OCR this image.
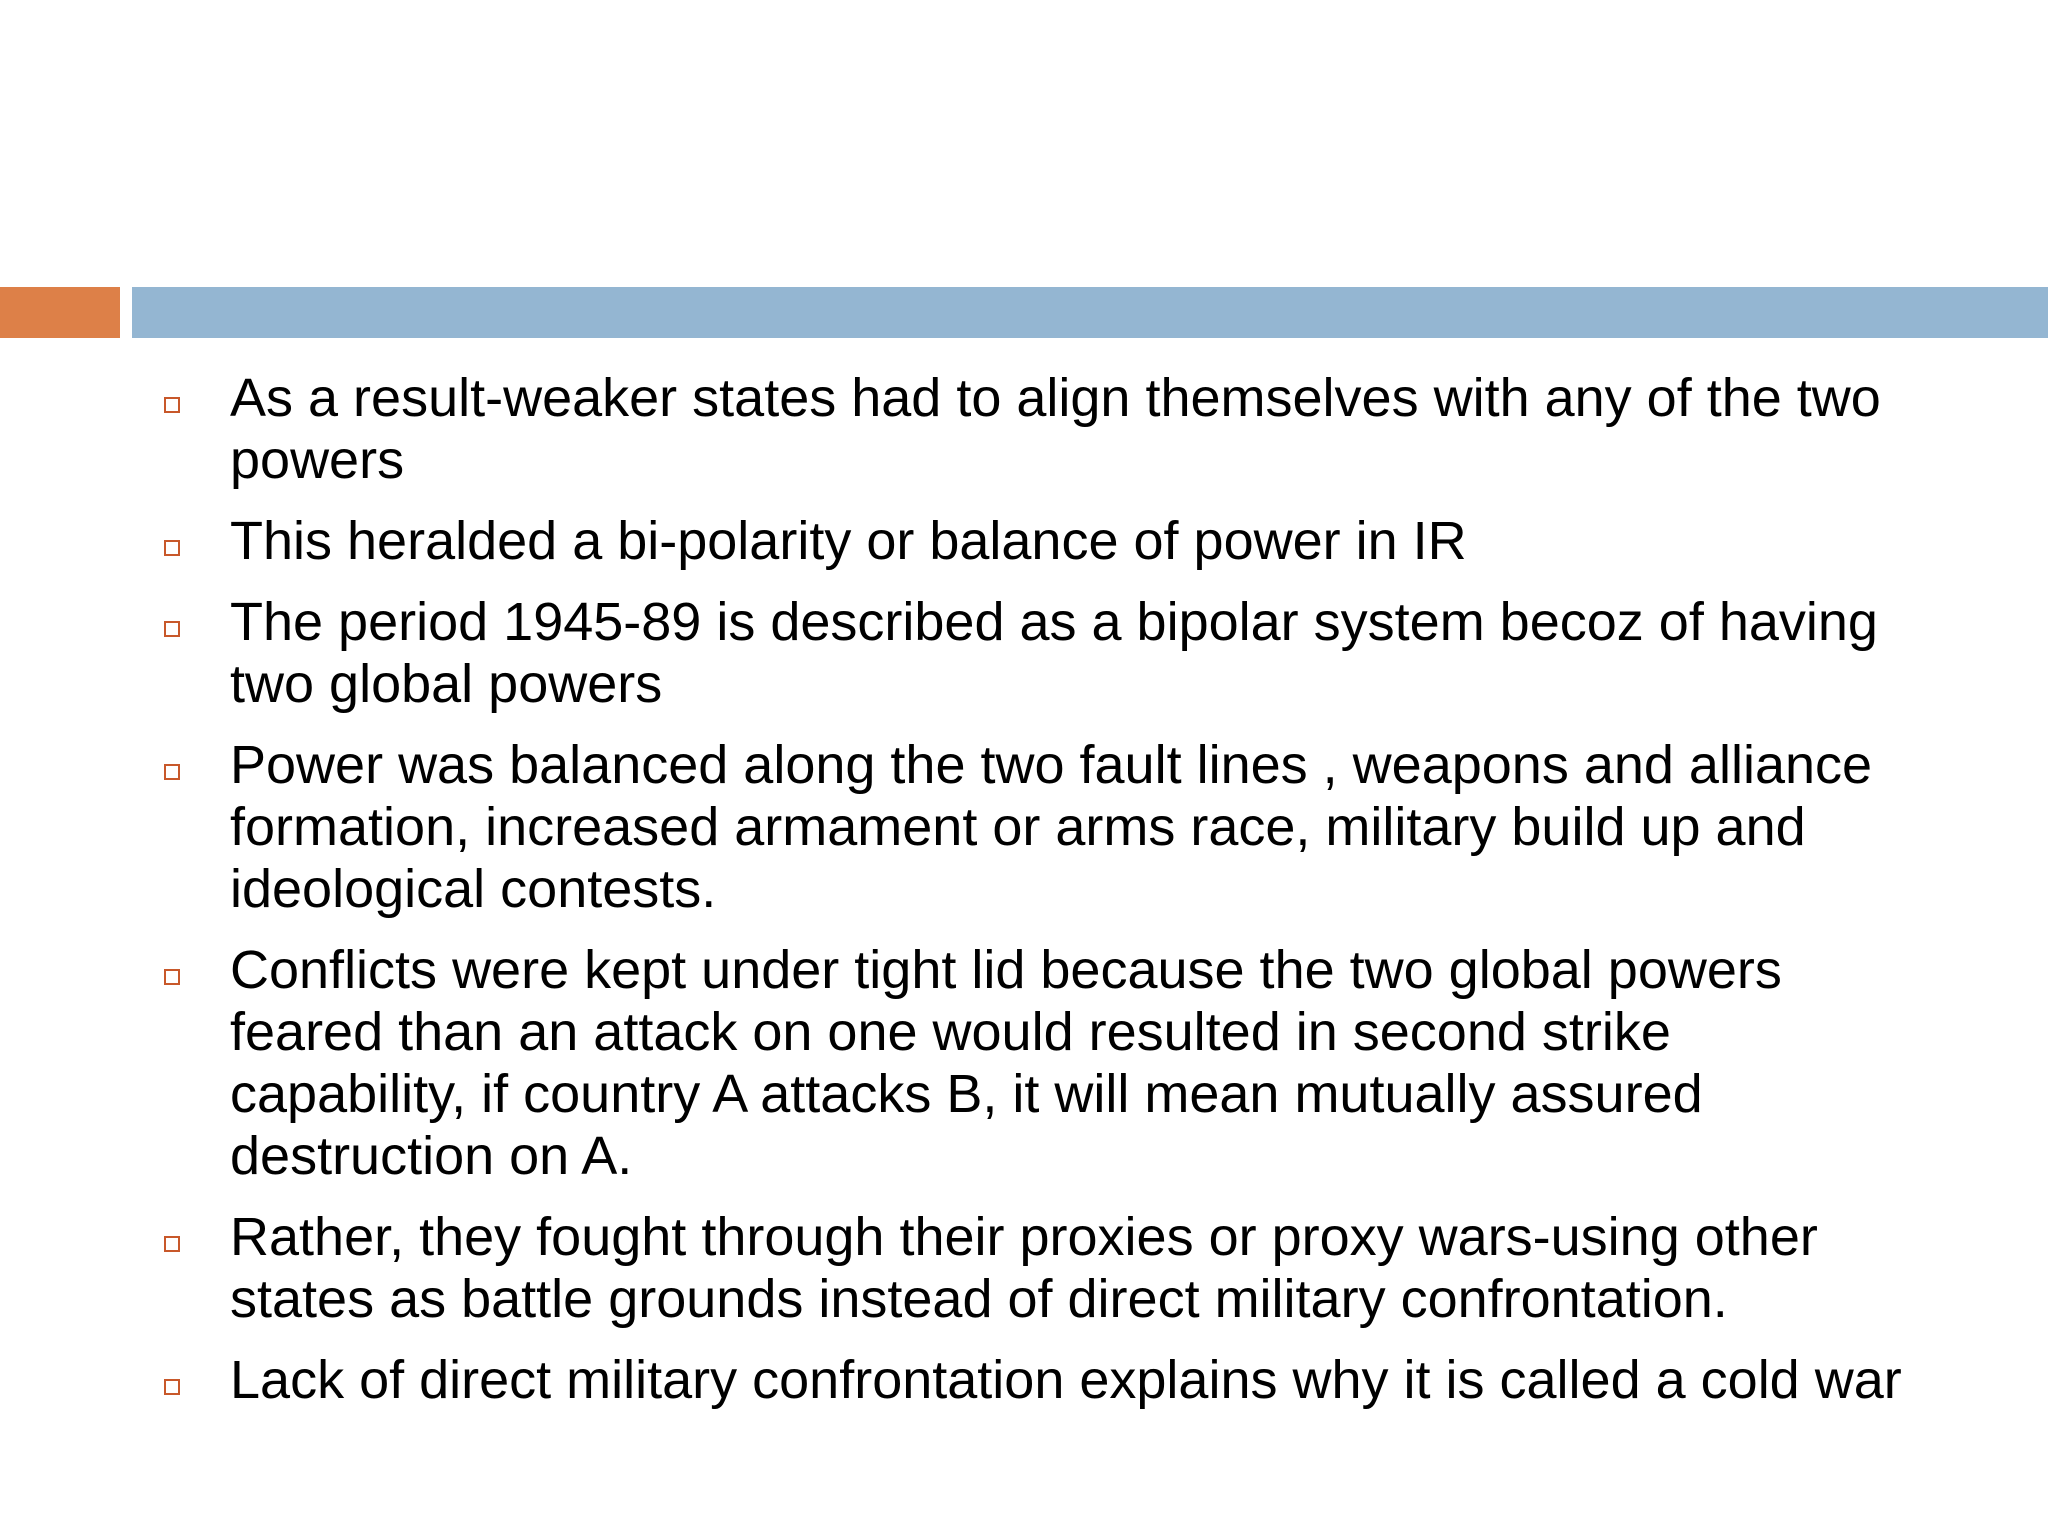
As a result-weaker states had to align themselves with any of the two powers
This heralded a bi-polarity or balance of power in IR
The period 1945-89 is described as a bipolar system becoz of having two global powers
Power was balanced along the two fault lines , weapons and alliance formation, increased armament or arms race, military build up and ideological contests.
Conflicts were kept under tight lid because the two global powers feared than an attack on one would resulted in second strike capability, if country A attacks B, it will mean mutually assured destruction on A.
Rather, they fought through their proxies or proxy wars-using other states as battle grounds instead of direct military confrontation.
Lack of direct military confrontation explains why it is called a cold war
